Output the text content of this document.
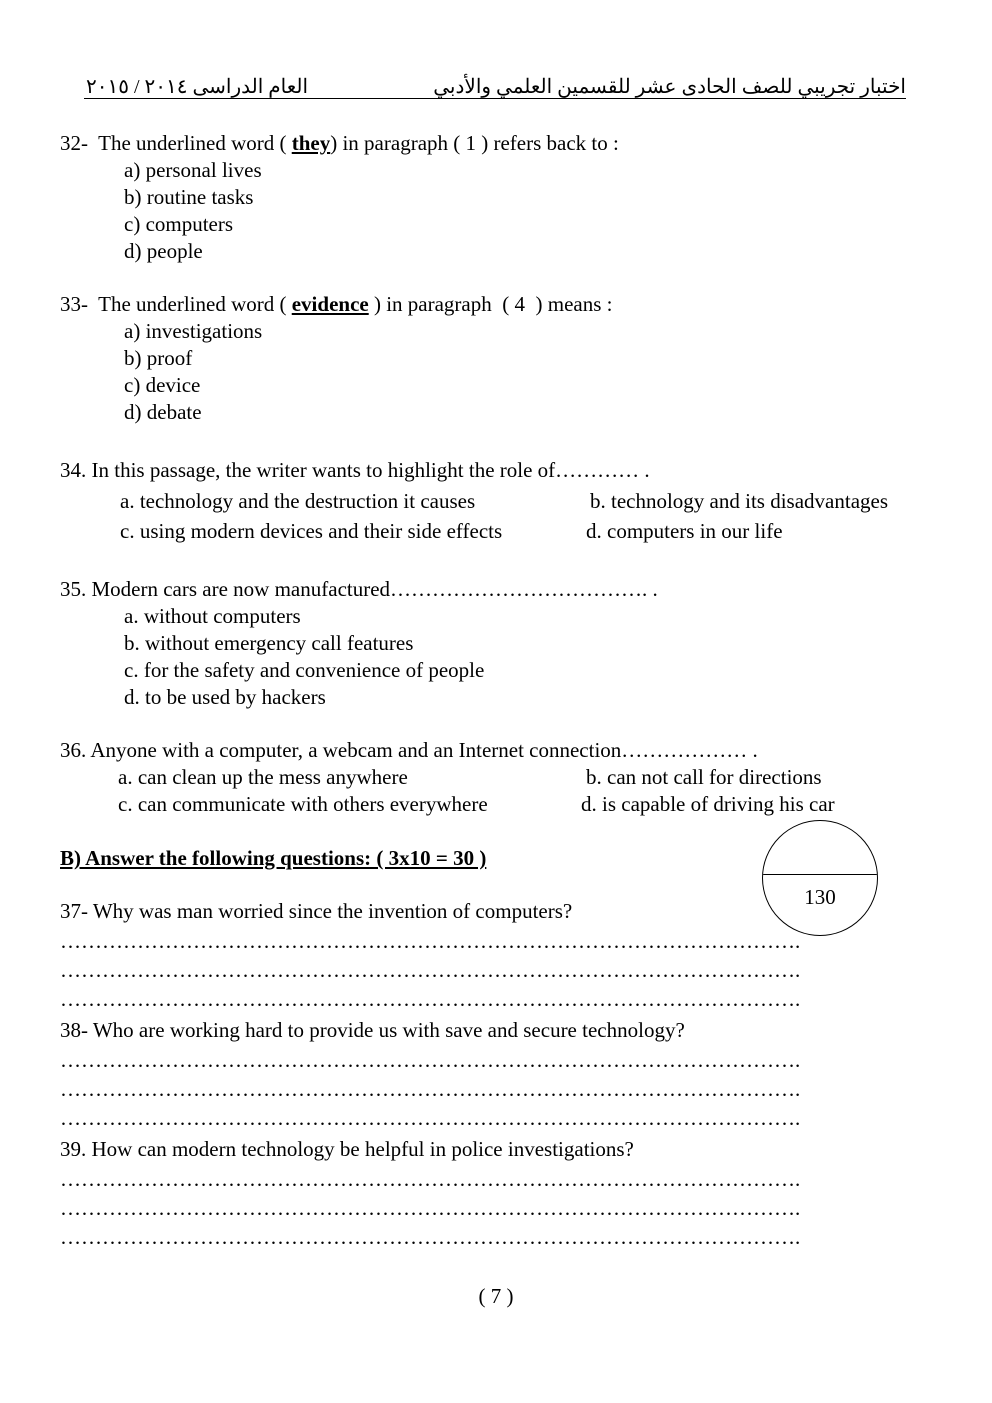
اختبار تجريبي للصف الحادى عشر للقسمين العلمي والأدبي
العام الدراسى ٢٠١٤ / ٢٠١٥
32-  The underlined word ( they) in paragraph ( 1 ) refers back to :
a) personal lives
b) routine tasks
c) computers
d) people
33-  The underlined word ( evidence ) in paragraph  ( 4  ) means :
a) investigations
b) proof
c) device
d) debate
34. In this passage, the writer wants to highlight the role of………… .
a. technology and the destruction it causes	b. technology and its disadvantages
c. using modern devices and their side effects	d. computers in our life
35. Modern cars are now manufactured………………………………. .
a. without computers
b. without emergency call features
c. for the safety and convenience of people
d. to be used by hackers
36. Anyone with a computer, a webcam and an Internet connection……………… .
a. can clean up the mess anywhere	b. can not call for directions
c. can communicate with others everywhere	d. is capable of driving his car
B) Answer the following questions: ( 3x10 = 30 )
130
37- Why was man worried since the invention of computers?
…………………………………………………………………………………………….
…………………………………………………………………………………………….
…………………………………………………………………………………………….
38- Who are working hard to provide us with save and secure technology?
…………………………………………………………………………………………….
…………………………………………………………………………………………….
…………………………………………………………………………………………….
39. How can modern technology be helpful in police investigations?
…………………………………………………………………………………………….
…………………………………………………………………………………………….
…………………………………………………………………………………………….
( 7 )
